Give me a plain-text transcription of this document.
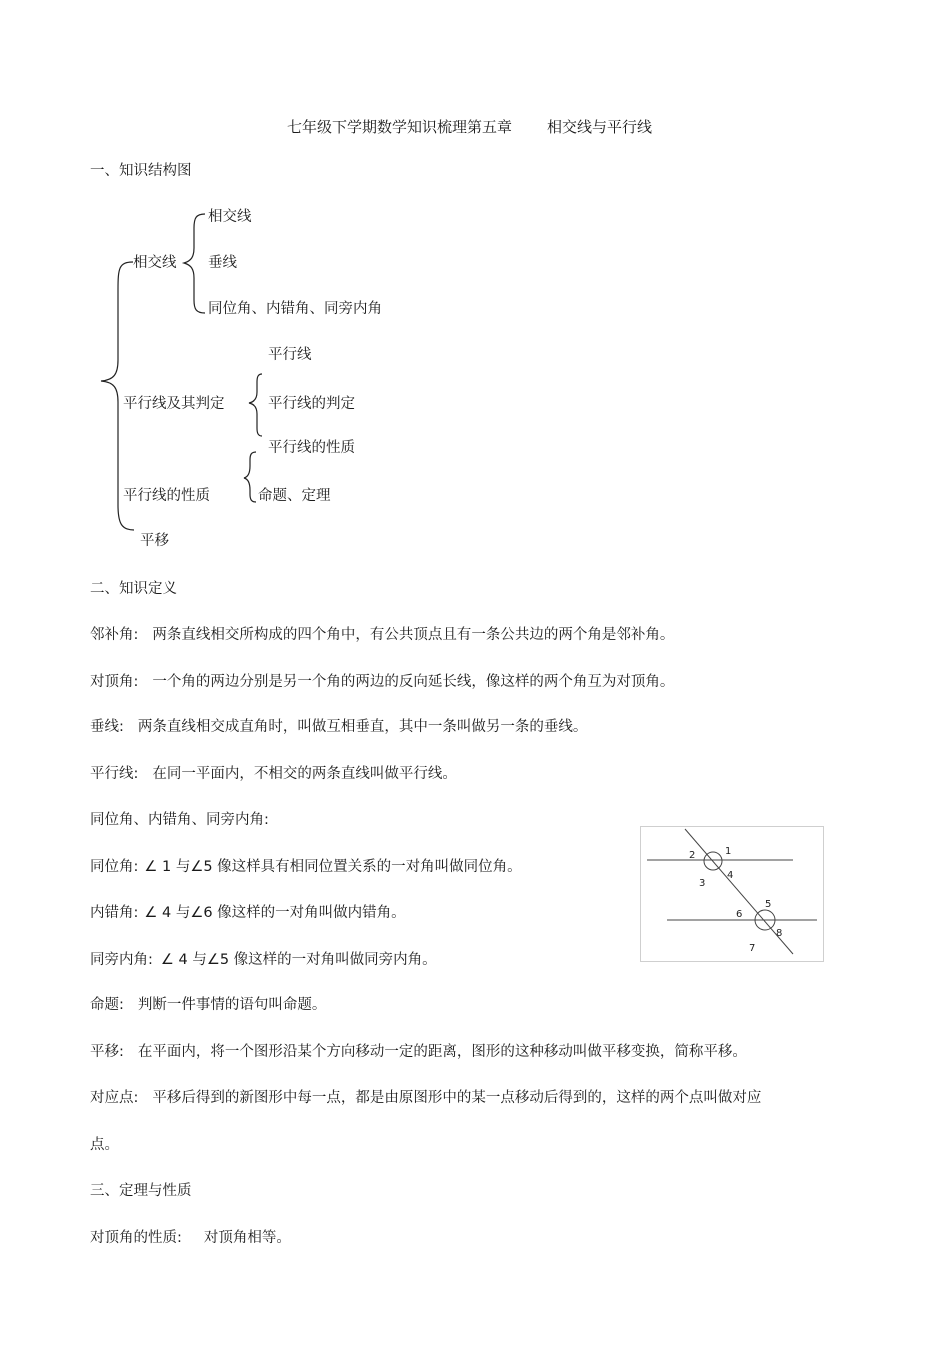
七年级下学期数学知识梳理第五章 相交线与平行线
一、知识结构图
相交线
相交线
垂线
同位角、内错角、同旁内角
平行线
平行线及其判定	平行线的判定
平行线的性质
平行线的性质	命题、定理
平移
二、知识定义
邻补角: 两条直线相交所构成的四个角中，有公共顶点且有一条公共边的两个角是邻补角。
对顶角: 一个角的两边分别是另一个角的两边的反向延长线，像这样的两个角互为对顶角。
垂线: 两条直线相交成直角时，叫做互相垂直，其中一条叫做另一条的垂线。
平行线: 在同一平面内，不相交的两条直线叫做平行线。
同位角、内错角、同旁内角:
同位角: ∠ 1 与∠5 像这样具有相同位置关系的一对角叫做同位角。
内错角: ∠ 4 与∠6 像这样的一对角叫做内错角。
同旁内角: ∠ 4 与∠5 像这样的一对角叫做同旁内角。
命题: 判断一件事情的语句叫命题。
平移: 在平面内，将一个图形沿某个方向移动一定的距离，图形的这种移动叫做平移变换，简称平移。
对应点: 平移后得到的新图形中每一点，都是由原图形中的某一点移动后得到的，这样的两个点叫做对应
点。
1
2
3
4
5
6
7
8
三、定理与性质
对顶角的性质: 对顶角相等。
